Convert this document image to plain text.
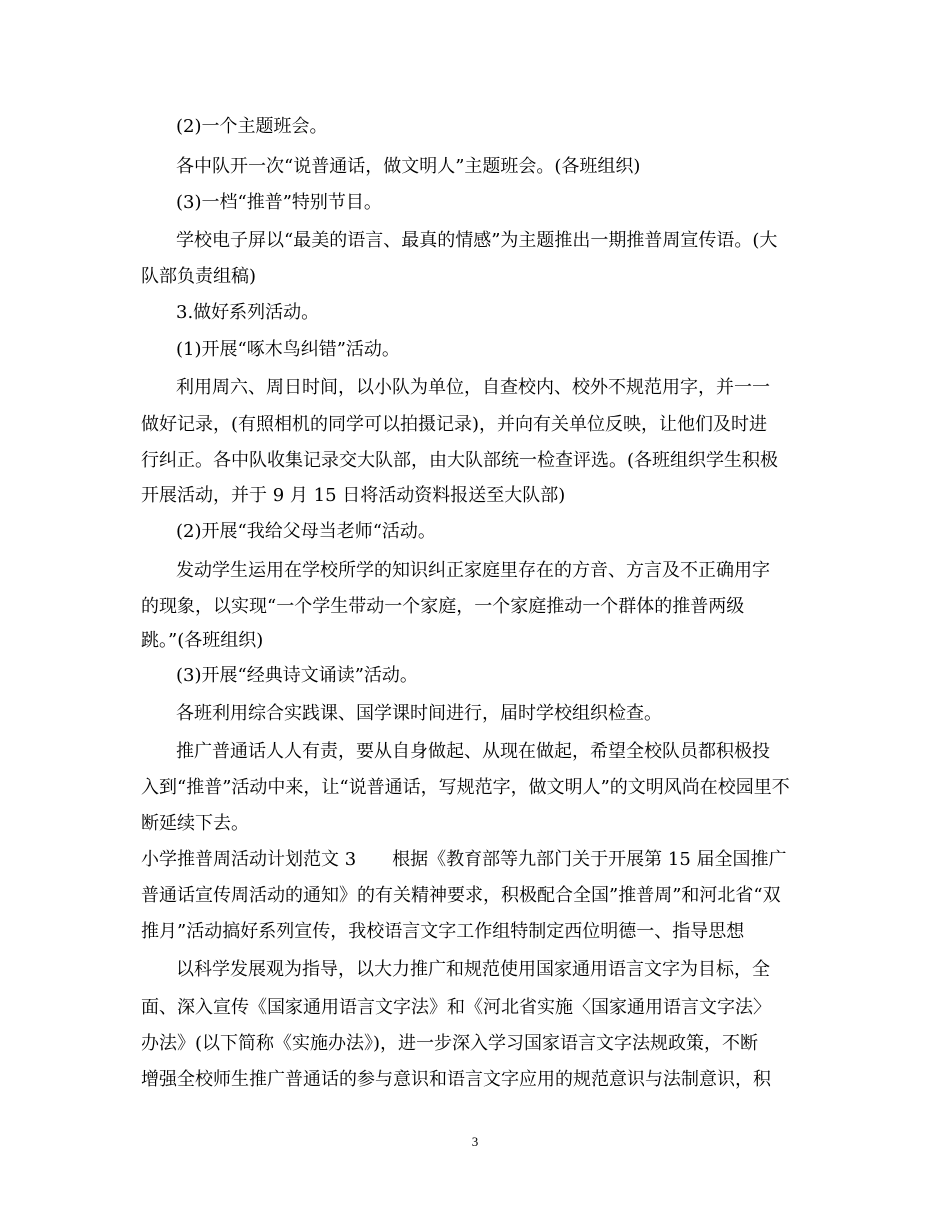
(2)一个主题班会。
各中队开一次“说普通话，做文明人”主题班会。(各班组织)
(3)一档“推普”特别节目。
学校电子屏以“最美的语言、最真的情感”为主题推出一期推普周宣传语。(大
队部负责组稿)
3.做好系列活动。
(1)开展“啄木鸟纠错”活动。
利用周六、周日时间，以小队为单位，自查校内、校外不规范用字，并一一
做好记录，(有照相机的同学可以拍摄记录)，并向有关单位反映，让他们及时进
行纠正。各中队收集记录交大队部，由大队部统一检查评选。(各班组织学生积极
开展活动，并于 9 月 15 日将活动资料报送至大队部)
(2)开展“我给父母当老师“活动。
发动学生运用在学校所学的知识纠正家庭里存在的方音、方言及不正确用字
的现象，以实现“一个学生带动一个家庭，一个家庭推动一个群体的推普两级
跳。”(各班组织)
(3)开展“经典诗文诵读”活动。
各班利用综合实践课、国学课时间进行，届时学校组织检查。
推广普通话人人有责，要从自身做起、从现在做起，希望全校队员都积极投
入到“推普”活动中来，让“说普通话，写规范字，做文明人”的文明风尚在校园里不
断延续下去。
小学推普周活动计划范文 3　　根据《教育部等九部门关于开展第 15 届全国推广
普通话宣传周活动的通知》的有关精神要求，积极配合全国”推普周”和河北省“双
推月”活动搞好系列宣传，我校语言文字工作组特制定西位明德一、指导思想
以科学发展观为指导，以大力推广和规范使用国家通用语言文字为目标，全
面、深入宣传《国家通用语言文字法》和《河北省实施〈国家通用语言文字法〉
办法》(以下简称《实施办法》)，进一步深入学习国家语言文字法规政策，不断
增强全校师生推广普通话的参与意识和语言文字应用的规范意识与法制意识，积
3
